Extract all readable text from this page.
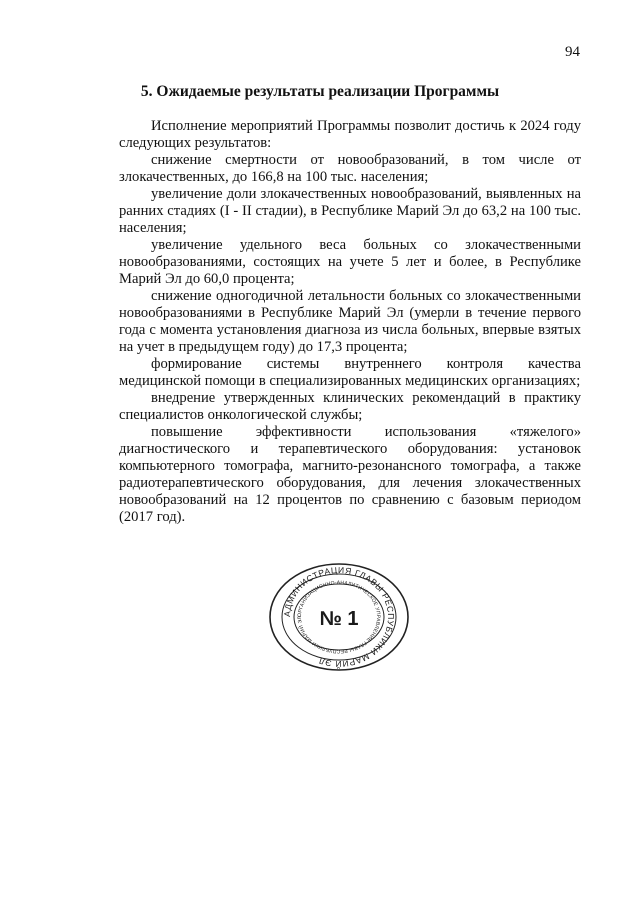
94
5. Ожидаемые результаты реализации Программы

Исполнение мероприятий Программы позволит достичь к 2024 году следующих результатов:

снижение смертности от новообразований, в том числе от злокачественных, до 166,8 на 100 тыс. населения;

увеличение доли злокачественных новообразований, выявленных на ранних стадиях (I - II стадии), в Республике Марий Эл до 63,2 на 100 тыс. населения;

увеличение удельного веса больных со злокачественными новообразованиями, состоящих на учете 5 лет и более, в Республике Марий Эл до 60,0 процента;

снижение одногодичной летальности больных со злокачественными новообразованиями в Республике Марий Эл (умерли в течение первого года с момента установления диагноза из числа больных, впервые взятых на учет в предыдущем году) до 17,3 процента;

формирование системы внутреннего контроля качества медицинской помощи в специализированных медицинских организациях;

внедрение утвержденных клинических рекомендаций в практику специалистов онкологической службы;

повышение эффективности использования «тяжелого» диагностического и терапевтического оборудования: установок компьютерного томографа, магнито-резонансного томографа, а также радиотерапевтического оборудования, для лечения злокачественных новообразований на 12 процентов по сравнению с базовым периодом (2017 год).

АДМИНИСТРАЦИЯ ГЛАВЫ РЕСПУБЛИКИ МАРИЙ ЭЛ
ОРГАНИЗАЦИОННО-АНАЛИТИЧЕСКОЕ УПРАВЛЕНИЕ ГЛАВЫ РЕСПУБЛИКИ МАРИЙ ЭЛ № 1
